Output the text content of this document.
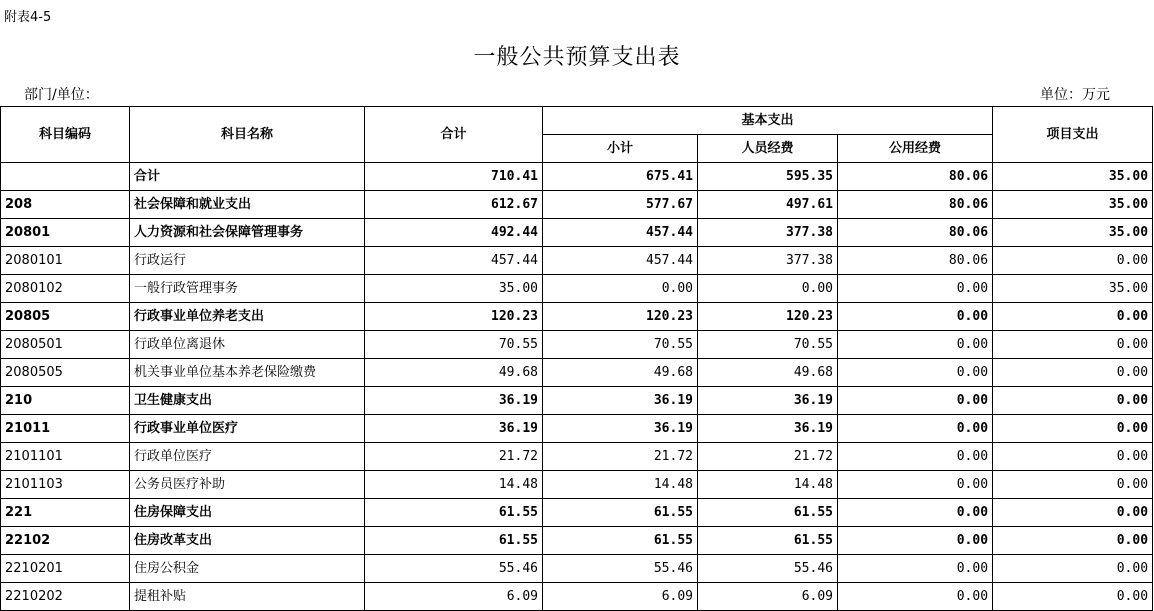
附表4-5
一般公共预算支出表
部门/单位：	单位：万元
科目编码	科目名称	合计	基本支出			项目支出
			小计	人员经费	公用经费	
	合计	710.41	675.41	595.35	80.06	35.00
208	社会保障和就业支出	612.67	577.67	497.61	80.06	35.00
20801	人力资源和社会保障管理事务	492.44	457.44	377.38	80.06	35.00
2080101	行政运行	457.44	457.44	377.38	80.06	0.00
2080102	一般行政管理事务	35.00	0.00	0.00	0.00	35.00
20805	行政事业单位养老支出	120.23	120.23	120.23	0.00	0.00
2080501	行政单位离退休	70.55	70.55	70.55	0.00	0.00
2080505	机关事业单位基本养老保险缴费	49.68	49.68	49.68	0.00	0.00
210	卫生健康支出	36.19	36.19	36.19	0.00	0.00
21011	行政事业单位医疗	36.19	36.19	36.19	0.00	0.00
2101101	行政单位医疗	21.72	21.72	21.72	0.00	0.00
2101103	公务员医疗补助	14.48	14.48	14.48	0.00	0.00
221	住房保障支出	61.55	61.55	61.55	0.00	0.00
22102	住房改革支出	61.55	61.55	61.55	0.00	0.00
2210201	住房公积金	55.46	55.46	55.46	0.00	0.00
2210202	提租补贴	6.09	6.09	6.09	0.00	0.00
